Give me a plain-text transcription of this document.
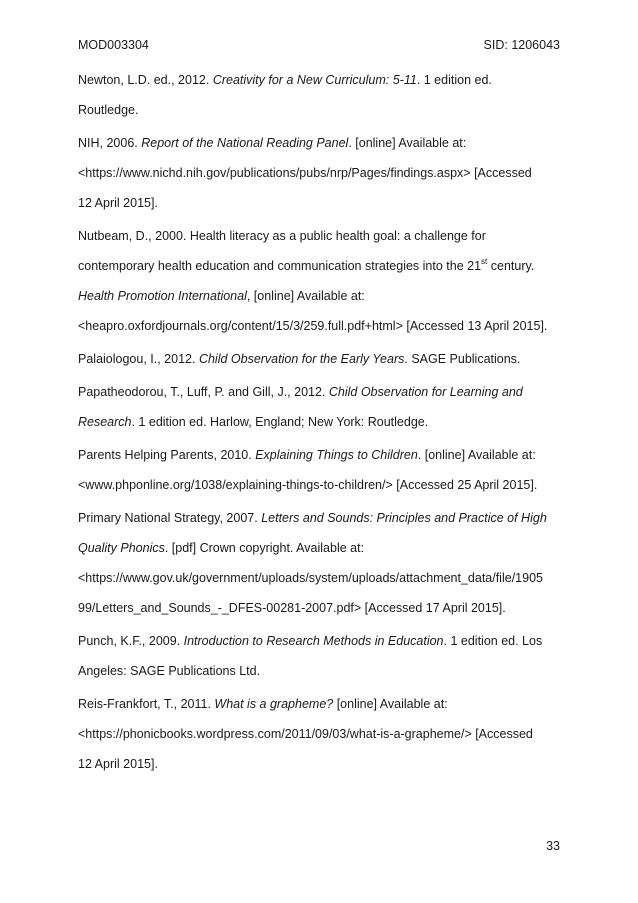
MOD003304	SID: 1206043
Newton, L.D. ed., 2012. Creativity for a New Curriculum: 5-11. 1 edition ed.
Routledge.
NIH, 2006. Report of the National Reading Panel. [online] Available at:
<https://www.nichd.nih.gov/publications/pubs/nrp/Pages/findings.aspx> [Accessed
12 April 2015].
Nutbeam, D., 2000. Health literacy as a public health goal: a challenge for
contemporary health education and communication strategies into the 21st century.
Health Promotion International, [online] Available at:
<heapro.oxfordjournals.org/content/15/3/259.full.pdf+html> [Accessed 13 April 2015].
Palaiologou, I., 2012. Child Observation for the Early Years. SAGE Publications.
Papatheodorou, T., Luff, P. and Gill, J., 2012. Child Observation for Learning and
Research. 1 edition ed. Harlow, England; New York: Routledge.
Parents Helping Parents, 2010. Explaining Things to Children. [online] Available at:
<www.phponline.org/1038/explaining-things-to-children/> [Accessed 25 April 2015].
Primary National Strategy, 2007. Letters and Sounds: Principles and Practice of High
Quality Phonics. [pdf] Crown copyright. Available at:
<https://www.gov.uk/government/uploads/system/uploads/attachment_data/file/1905
99/Letters_and_Sounds_-_DFES-00281-2007.pdf> [Accessed 17 April 2015].
Punch, K.F., 2009. Introduction to Research Methods in Education. 1 edition ed. Los
Angeles: SAGE Publications Ltd.
Reis-Frankfort, T., 2011. What is a grapheme? [online] Available at:
<https://phonicbooks.wordpress.com/2011/09/03/what-is-a-grapheme/> [Accessed
12 April 2015].
33
